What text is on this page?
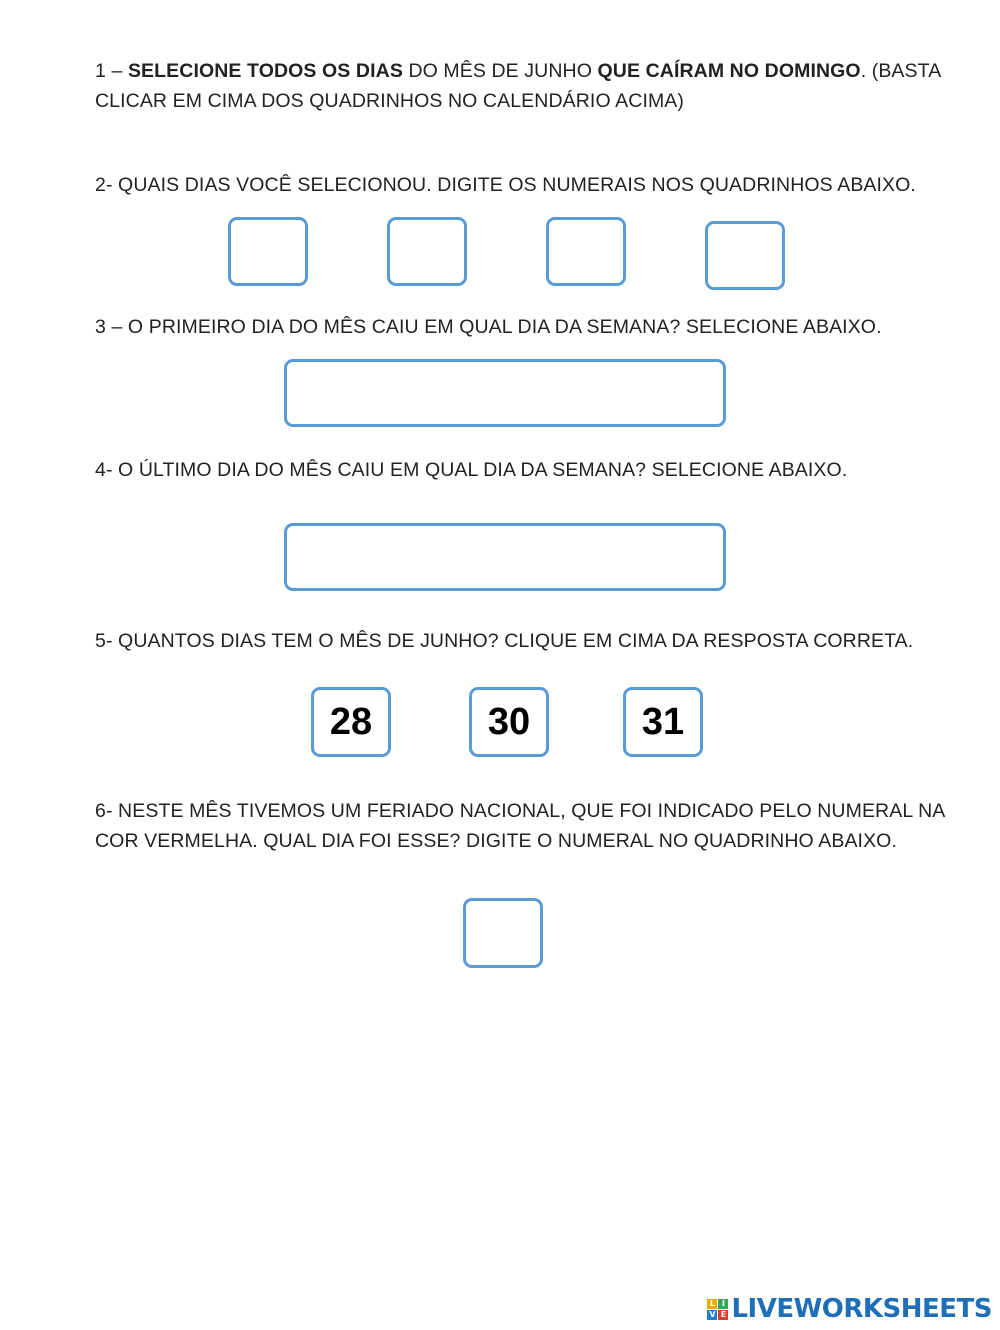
1 – SELECIONE TODOS OS DIAS DO MÊS DE JUNHO QUE CAÍRAM NO DOMINGO. (BASTA
CLICAR EM CIMA DOS QUADRINHOS NO CALENDÁRIO ACIMA)

2- QUAIS DIAS VOCÊ SELECIONOU. DIGITE OS NUMERAIS NOS QUADRINHOS ABAIXO.

3 – O PRIMEIRO DIA DO MÊS CAIU EM QUAL DIA DA SEMANA? SELECIONE ABAIXO.

4- O ÚLTIMO DIA DO MÊS CAIU EM QUAL DIA DA SEMANA? SELECIONE ABAIXO.

5- QUANTOS DIAS TEM O MÊS DE JUNHO? CLIQUE EM CIMA DA RESPOSTA CORRETA.

28	30	31

6- NESTE MÊS TIVEMOS UM FERIADO NACIONAL, QUE FOI INDICADO PELO NUMERAL NA
COR VERMELHA. QUAL DIA FOI ESSE? DIGITE O NUMERAL NO QUADRINHO ABAIXO.

L I
V E LIVEWORKSHEETS
